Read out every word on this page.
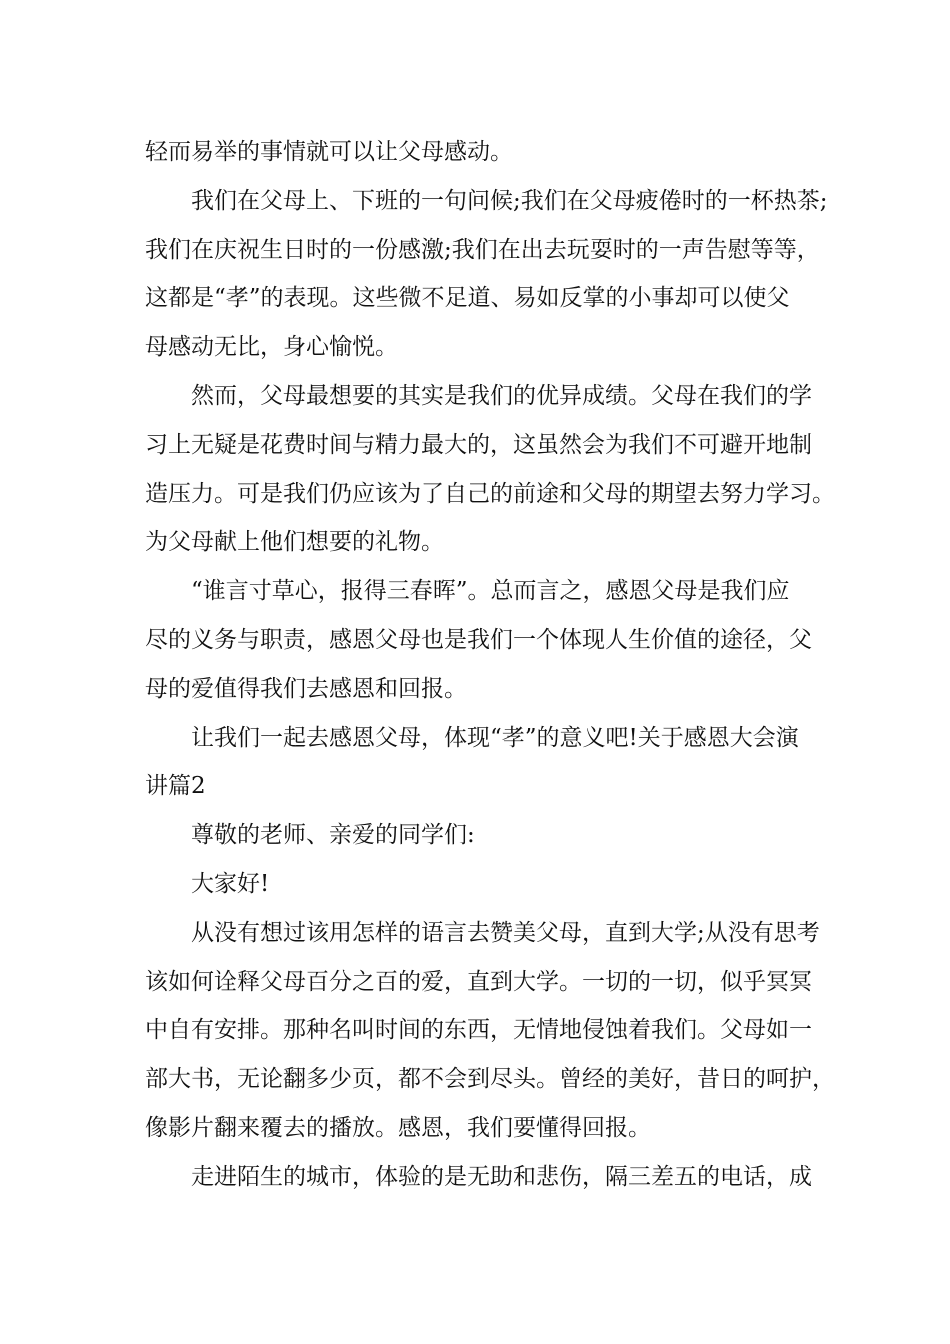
轻而易举的事情就可以让父母感动。
我们在父母上、下班的一句问候;我们在父母疲倦时的一杯热茶;
我们在庆祝生日时的一份感激;我们在出去玩耍时的一声告慰等等，
这都是“孝”的表现。这些微不足道、易如反掌的小事却可以使父
母感动无比，身心愉悦。
然而，父母最想要的其实是我们的优异成绩。父母在我们的学
习上无疑是花费时间与精力最大的，这虽然会为我们不可避开地制
造压力。可是我们仍应该为了自己的前途和父母的期望去努力学习。
为父母献上他们想要的礼物。
“谁言寸草心，报得三春晖”。总而言之，感恩父母是我们应
尽的义务与职责，感恩父母也是我们一个体现人生价值的途径，父
母的爱值得我们去感恩和回报。
让我们一起去感恩父母，体现“孝”的意义吧!关于感恩大会演
讲篇2
尊敬的老师、亲爱的同学们:
大家好!
从没有想过该用怎样的语言去赞美父母，直到大学;从没有思考
该如何诠释父母百分之百的爱，直到大学。一切的一切，似乎冥冥
中自有安排。那种名叫时间的东西，无情地侵蚀着我们。父母如一
部大书，无论翻多少页，都不会到尽头。曾经的美好，昔日的呵护，
像影片翻来覆去的播放。感恩，我们要懂得回报。
走进陌生的城市，体验的是无助和悲伤，隔三差五的电话，成
